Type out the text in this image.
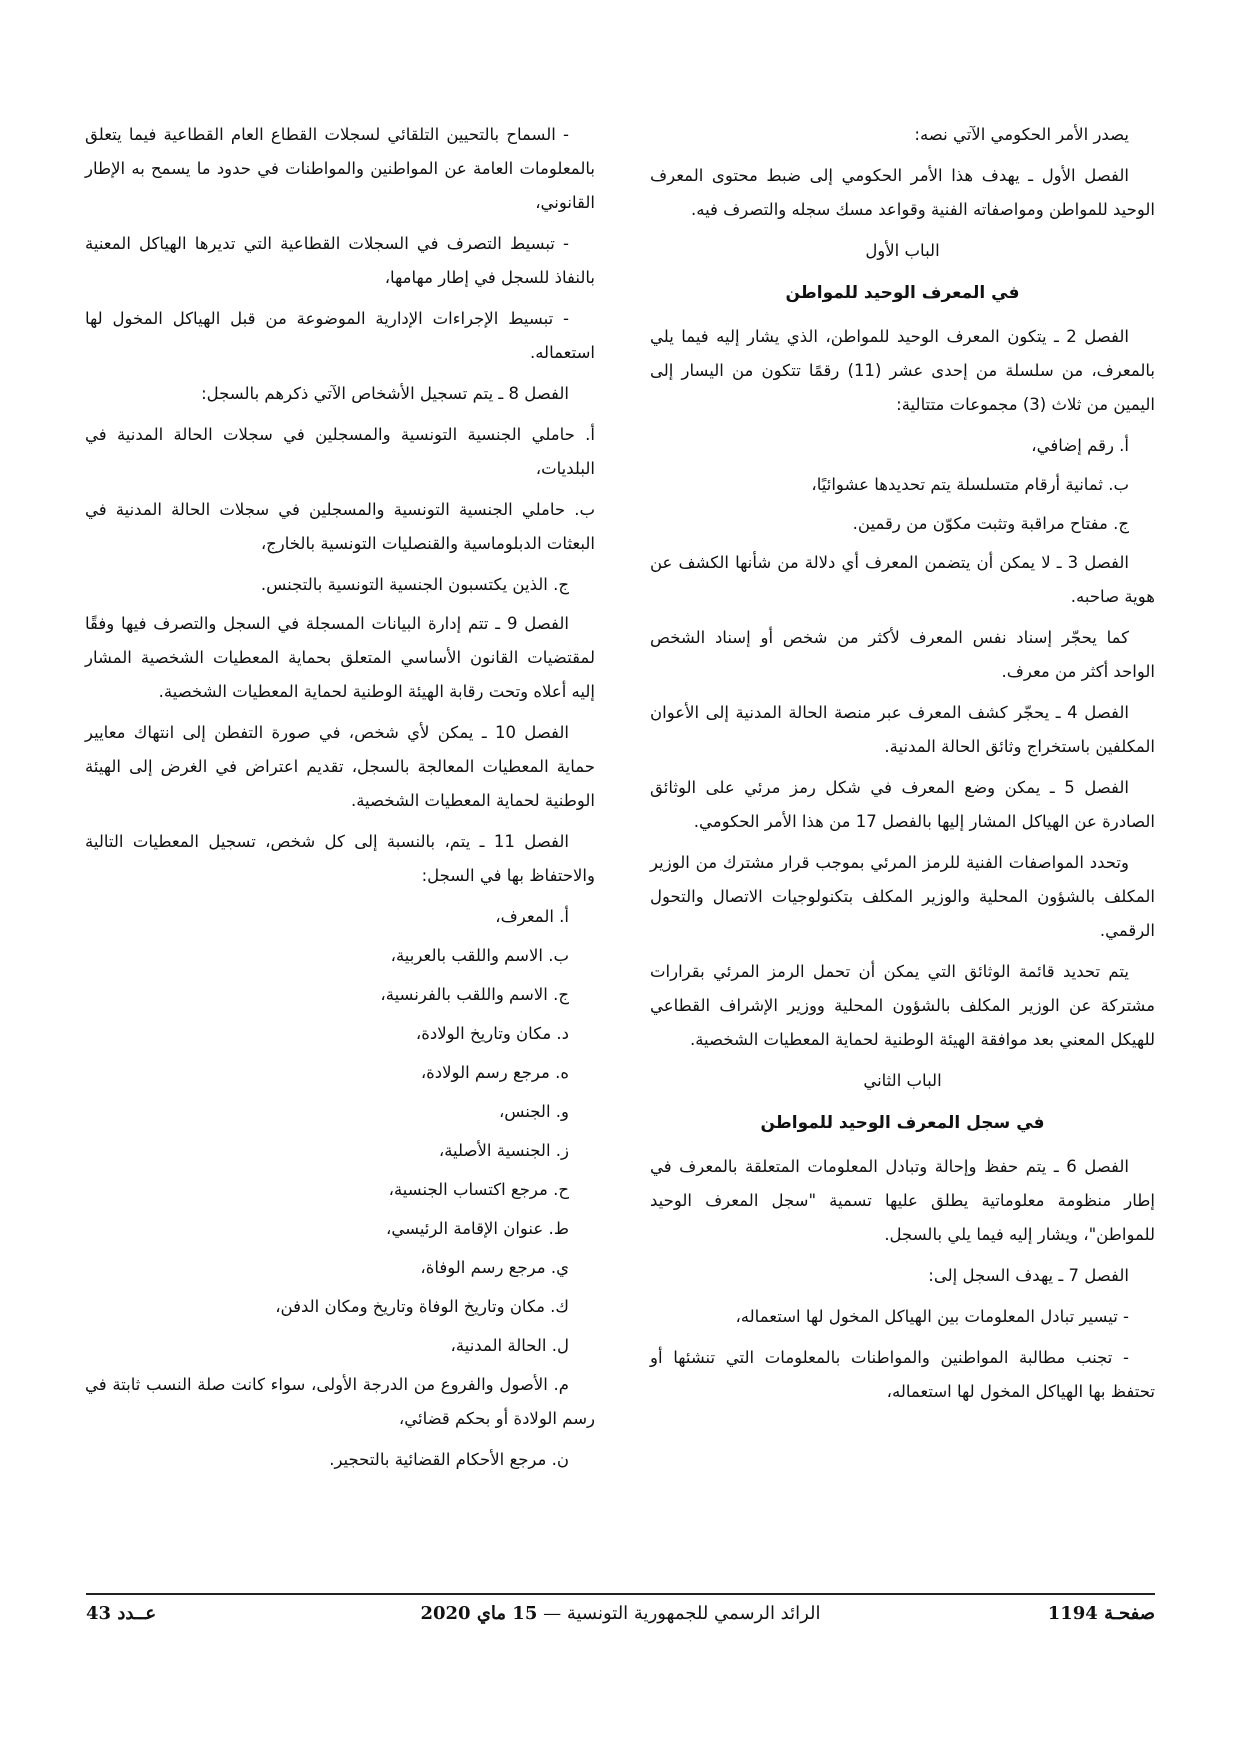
يصدر الأمر الحكومي الآتي نصه:

الفصل الأول ـ يهدف هذا الأمر الحكومي إلى ضبط محتوى المعرف الوحيد للمواطن ومواصفاته الفنية وقواعد مسك سجله والتصرف فيه.

الباب الأول
في المعرف الوحيد للمواطن

الفصل 2 ـ يتكون المعرف الوحيد للمواطن، الذي يشار إليه فيما يلي بالمعرف، من سلسلة من إحدى عشر (11) رقمًا تتكون من اليسار إلى اليمين من ثلاث (3) مجموعات متتالية:

أ. رقم إضافي،

ب. ثمانية أرقام متسلسلة يتم تحديدها عشوائيًا،

ج. مفتاح مراقبة وتثبت مكوّن من رقمين.

الفصل 3 ـ لا يمكن أن يتضمن المعرف أي دلالة من شأنها الكشف عن هوية صاحبه.

كما يحجّر إسناد نفس المعرف لأكثر من شخص أو إسناد الشخص الواحد أكثر من معرف.

الفصل 4 ـ يحجّر كشف المعرف عبر منصة الحالة المدنية إلى الأعوان المكلفين باستخراج وثائق الحالة المدنية.

الفصل 5 ـ يمكن وضع المعرف في شكل رمز مرئي على الوثائق الصادرة عن الهياكل المشار إليها بالفصل 17 من هذا الأمر الحكومي.

وتحدد المواصفات الفنية للرمز المرئي بموجب قرار مشترك من الوزير المكلف بالشؤون المحلية والوزير المكلف بتكنولوجيات الاتصال والتحول الرقمي.

يتم تحديد قائمة الوثائق التي يمكن أن تحمل الرمز المرئي بقرارات مشتركة عن الوزير المكلف بالشؤون المحلية ووزير الإشراف القطاعي للهيكل المعني بعد موافقة الهيئة الوطنية لحماية المعطيات الشخصية.

الباب الثاني
في سجل المعرف الوحيد للمواطن

الفصل 6 ـ يتم حفظ وإحالة وتبادل المعلومات المتعلقة بالمعرف في إطار منظومة معلوماتية يطلق عليها تسمية "سجل المعرف الوحيد للمواطن"، ويشار إليه فيما يلي بالسجل.

الفصل 7 ـ يهدف السجل إلى:

- تيسير تبادل المعلومات بين الهياكل المخول لها استعماله،

- تجنب مطالبة المواطنين والمواطنات بالمعلومات التي تنشئها أو تحتفظ بها الهياكل المخول لها استعماله،

- السماح بالتحيين التلقائي لسجلات القطاع العام القطاعية فيما يتعلق بالمعلومات العامة عن المواطنين والمواطنات في حدود ما يسمح به الإطار القانوني،

- تبسيط التصرف في السجلات القطاعية التي تديرها الهياكل المعنية بالنفاذ للسجل في إطار مهامها،

- تبسيط الإجراءات الإدارية الموضوعة من قبل الهياكل المخول لها استعماله.

الفصل 8 ـ يتم تسجيل الأشخاص الآتي ذكرهم بالسجل:

أ. حاملي الجنسية التونسية والمسجلين في سجلات الحالة المدنية في البلديات،

ب. حاملي الجنسية التونسية والمسجلين في سجلات الحالة المدنية في البعثات الدبلوماسية والقنصليات التونسية بالخارج،

ج. الذين يكتسبون الجنسية التونسية بالتجنس.

الفصل 9 ـ تتم إدارة البيانات المسجلة في السجل والتصرف فيها وفقًا لمقتضيات القانون الأساسي المتعلق بحماية المعطيات الشخصية المشار إليه أعلاه وتحت رقابة الهيئة الوطنية لحماية المعطيات الشخصية.

الفصل 10 ـ يمكن لأي شخص، في صورة التفطن إلى انتهاك معايير حماية المعطيات المعالجة بالسجل، تقديم اعتراض في الغرض إلى الهيئة الوطنية لحماية المعطيات الشخصية.

الفصل 11 ـ يتم، بالنسبة إلى كل شخص، تسجيل المعطيات التالية والاحتفاظ بها في السجل:

أ. المعرف،

ب. الاسم واللقب بالعربية،

ج. الاسم واللقب بالفرنسية،

د. مكان وتاريخ الولادة،

ه. مرجع رسم الولادة،

و. الجنس،

ز. الجنسية الأصلية،

ح. مرجع اكتساب الجنسية،

ط. عنوان الإقامة الرئيسي،

ي. مرجع رسم الوفاة،

ك. مكان وتاريخ الوفاة وتاريخ ومكان الدفن،

ل. الحالة المدنية،

م. الأصول والفروع من الدرجة الأولى، سواء كانت صلة النسب ثابتة في رسم الولادة أو بحكم قضائي،

ن. مرجع الأحكام القضائية بالتحجير.

صفحـة 1194
الرائد الرسمي للجمهورية التونسية — 15 ماي 2020
عــدد 43
